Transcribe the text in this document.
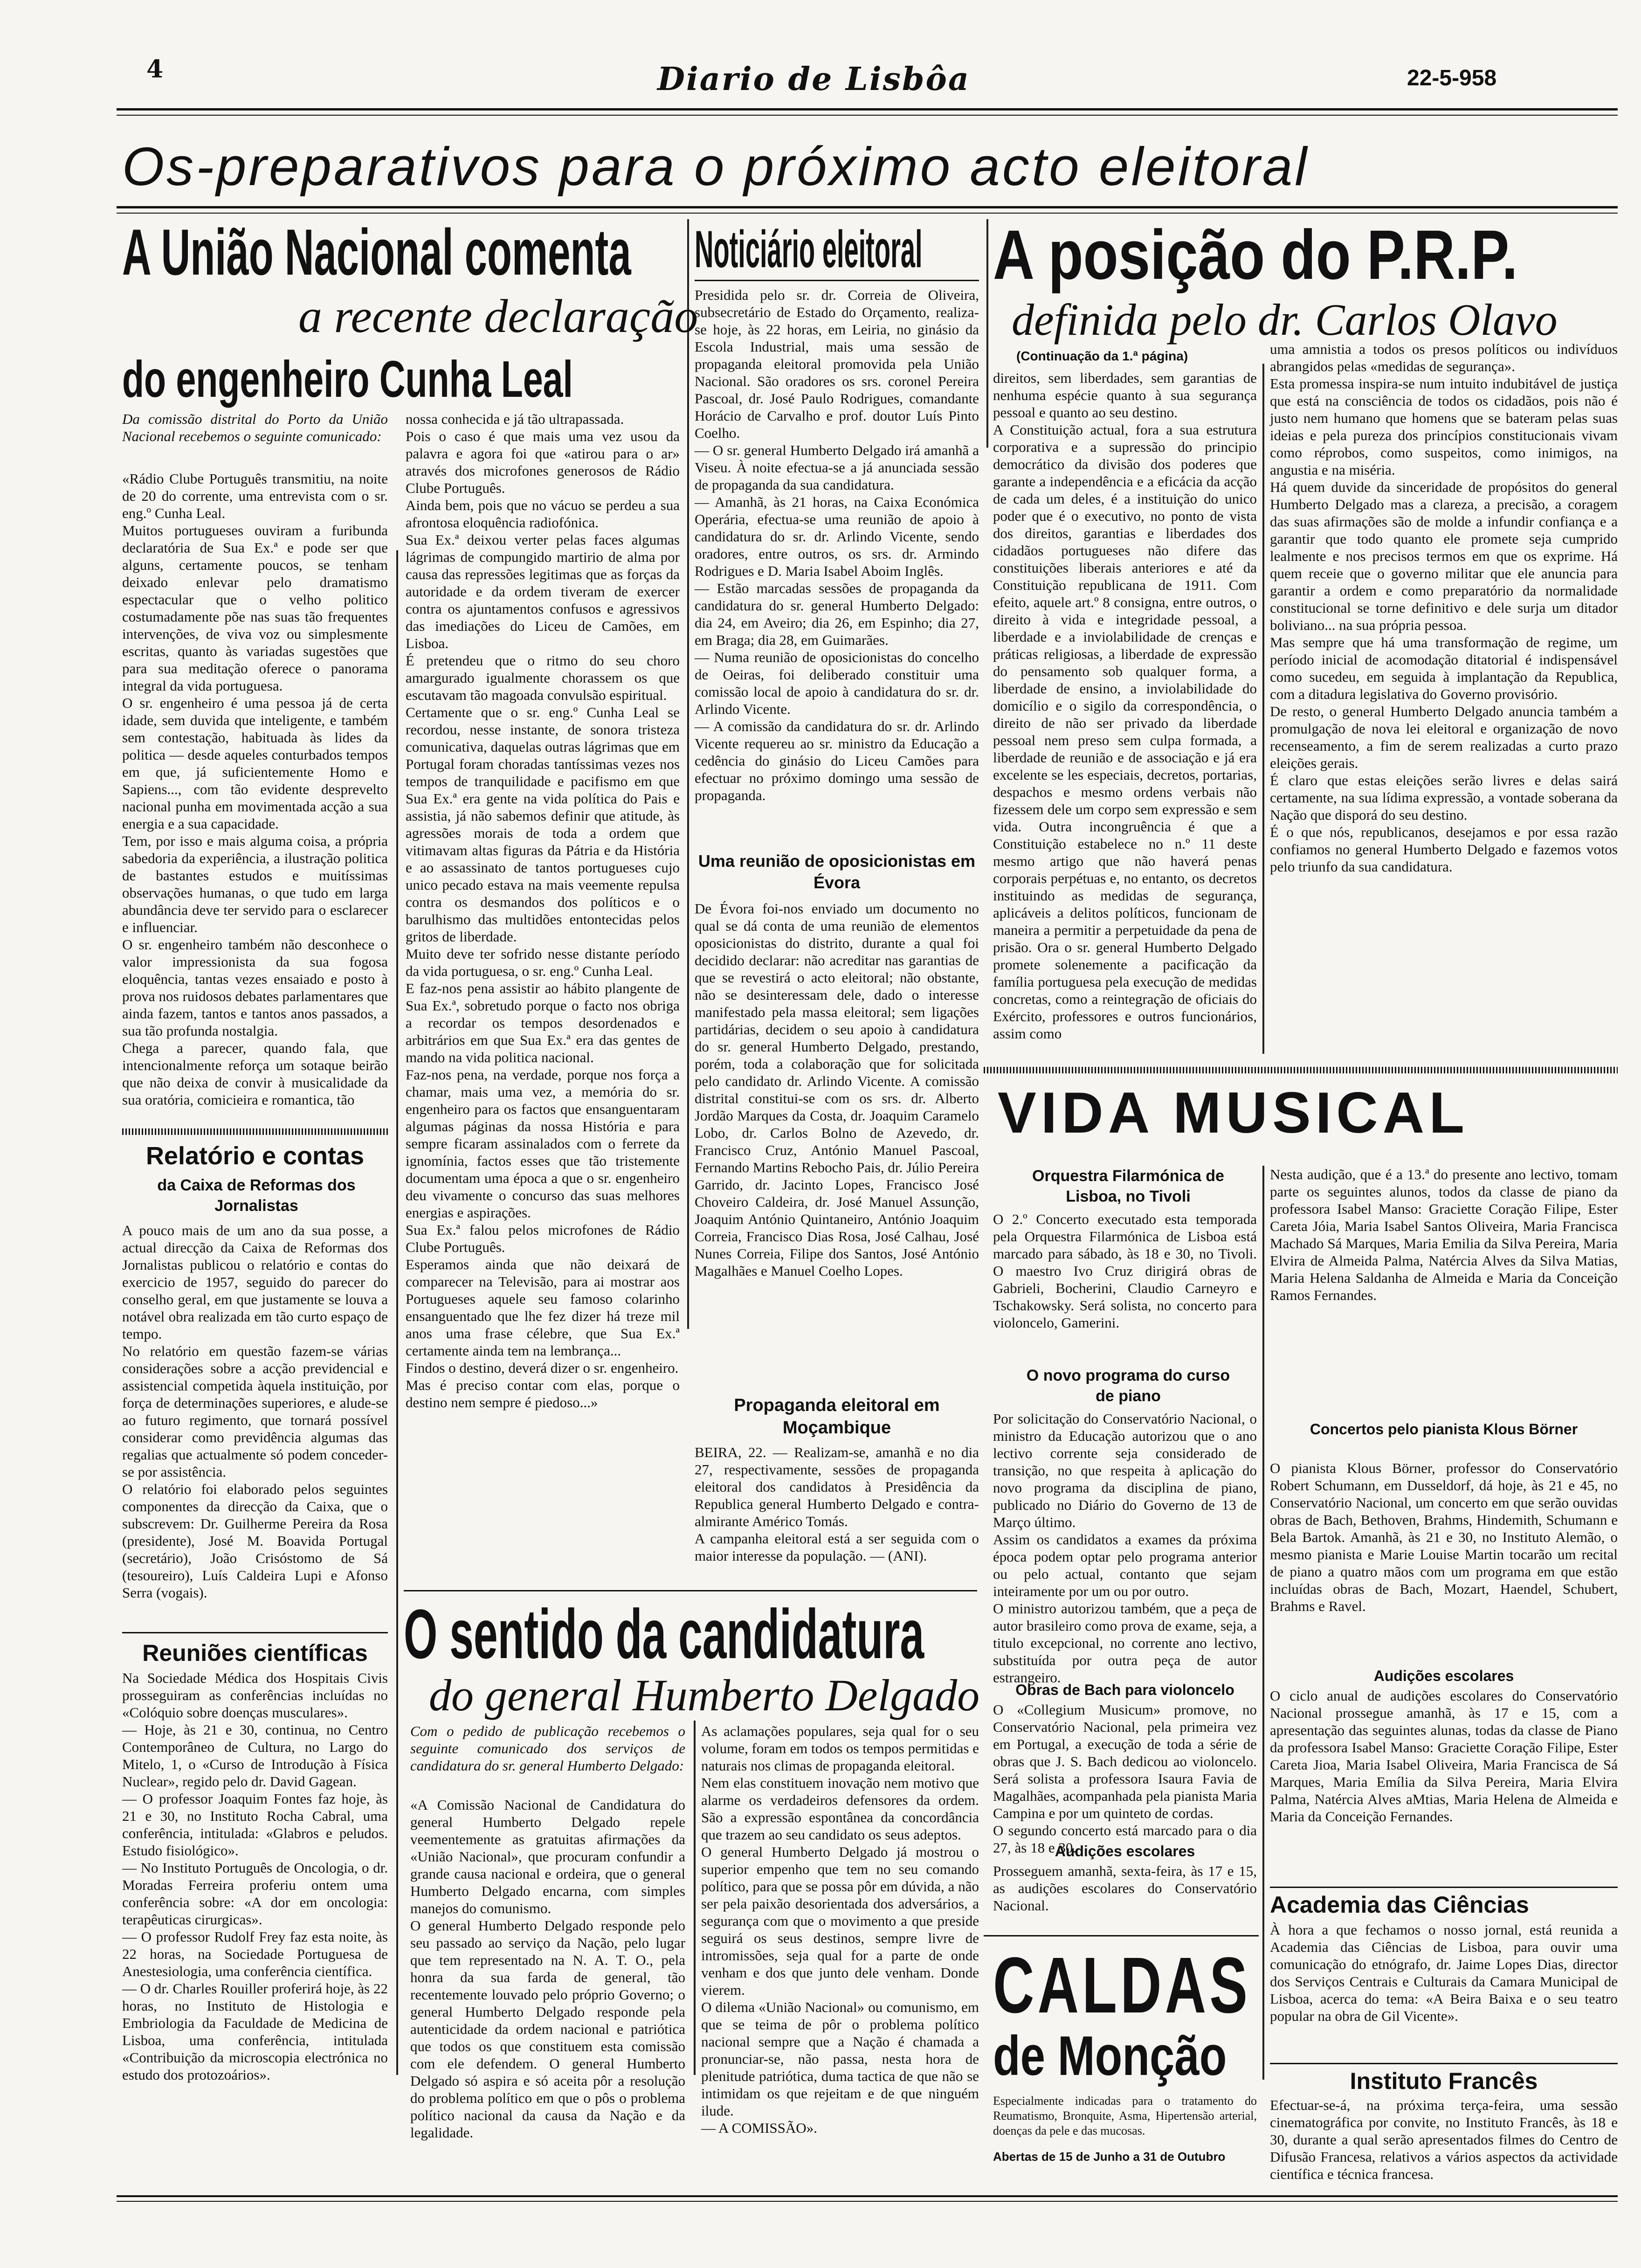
4	Diario de Lisbôa	22-5-958
Os-preparativos para o próximo acto eleitoral
A União Nacional comenta
a recente declaração
do engenheiro Cunha Leal
Da comissão distrital do Porto da União Nacional recebemos o seguinte comunicado:
«Rádio Clube Português transmitiu, na noite de 20 do corrente, uma entrevista com o sr. eng.º Cunha Leal.
Muitos portugueses ouviram a furibunda declaratória de Sua Ex.ª e pode ser que alguns, certamente poucos, se tenham deixado enlevar pelo dramatismo espectacular que o velho politico costumadamente põe nas suas tão frequentes intervenções, de viva voz ou simplesmente escritas, quanto às variadas sugestões que para sua meditação oferece o panorama integral da vida portuguesa.
O sr. engenheiro é uma pessoa já de certa idade, sem duvida que inteligente, e também sem contestação, habituada às lides da politica — desde aqueles conturbados tempos em que, já suficientemente Homo e Sapiens..., com tão evidente desprevelto nacional punha em movimentada acção a sua energia e a sua capacidade.
Tem, por isso e mais alguma coisa, a própria sabedoria da experiência, a ilustração politica de bastantes estudos e muitíssimas observações humanas, o que tudo em larga abundância deve ter servido para o esclarecer e influenciar.
O sr. engenheiro também não desconhece o valor impressionista da sua fogosa eloquência, tantas vezes ensaiado e posto à prova nos ruidosos debates parlamentares que ainda fazem, tantos e tantos anos passados, a sua tão profunda nostalgia.
Chega a parecer, quando fala, que intencionalmente reforça um sotaque beirão que não deixa de convir à musicalidade da sua oratória, comicieira e romantica, tão
nossa conhecida e já tão ultrapassada.
Pois o caso é que mais uma vez usou da palavra e agora foi que «atirou para o ar» através dos microfones generosos de Rádio Clube Português.
Ainda bem, pois que no vácuo se perdeu a sua afrontosa eloquência radiofónica.
Sua Ex.ª deixou verter pelas faces algumas lágrimas de compungido martirio de alma por causa das repressões legitimas que as forças da autoridade e da ordem tiveram de exercer contra os ajuntamentos confusos e agressivos das imediações do Liceu de Camões, em Lisboa.
É pretendeu que o ritmo do seu choro amargurado igualmente chorassem os que escutavam tão magoada convulsão espiritual.
Certamente que o sr. eng.º Cunha Leal se recordou, nesse instante, de sonora tristeza comunicativa, daquelas outras lágrimas que em Portugal foram choradas tantíssimas vezes nos tempos de tranquilidade e pacifismo em que Sua Ex.ª era gente na vida política do Pais e assistia, já não sabemos definir que atitude, às agressões morais de toda a ordem que vitimavam altas figuras da Pátria e da História e ao assassinato de tantos portugueses cujo unico pecado estava na mais veemente repulsa contra os desmandos dos políticos e o barulhismo das multidões entontecidas pelos gritos de liberdade.
Muito deve ter sofrido nesse distante período da vida portuguesa, o sr. eng.º Cunha Leal.
E faz-nos pena assistir ao hábito plangente de Sua Ex.ª, sobretudo porque o facto nos obriga a recordar os tempos desordenados e arbitrários em que Sua Ex.ª era das gentes de mando na vida politica nacional.
Faz-nos pena, na verdade, porque nos força a chamar, mais uma vez, a memória do sr. engenheiro para os factos que ensanguentaram algumas páginas da nossa História e para sempre ficaram assinalados com o ferrete da ignomínia, factos esses que tão tristemente documentam uma época a que o sr. engenheiro deu vivamente o concurso das suas melhores energias e aspirações.
Sua Ex.ª falou pelos microfones de Rádio Clube Português.
Esperamos ainda que não deixará de comparecer na Televisão, para ai mostrar aos Portugueses aquele seu famoso colarinho ensanguentado que lhe fez dizer há treze mil anos uma frase célebre, que Sua Ex.ª certamente ainda tem na lembrança...
Findos o destino, deverá dizer o sr. engenheiro.
Mas é preciso contar com elas, porque o destino nem sempre é piedoso...»
Relatório e contas
da Caixa de Reformas dos Jornalistas
A pouco mais de um ano da sua posse, a actual direcção da Caixa de Reformas dos Jornalistas publicou o relatório e contas do exercicio de 1957, seguido do parecer do conselho geral, em que justamente se louva a notável obra realizada em tão curto espaço de tempo.
No relatório em questão fazem-se várias considerações sobre a acção previdencial e assistencial competida àquela instituição, por força de determinações superiores, e alude-se ao futuro regimento, que tornará possível considerar como previdência algumas das regalias que actualmente só podem conceder-se por assistência.
O relatório foi elaborado pelos seguintes componentes da direcção da Caixa, que o subscrevem: Dr. Guilherme Pereira da Rosa (presidente), José M. Boavida Portugal (secretário), João Crisóstomo de Sá (tesoureiro), Luís Caldeira Lupi e Afonso Serra (vogais).
Reuniões científicas
Na Sociedade Médica dos Hospitais Civis prosseguiram as conferências incluídas no «Colóquio sobre doenças musculares».
— Hoje, às 21 e 30, continua, no Centro Contemporâneo de Cultura, no Largo do Mitelo, 1, o «Curso de Introdução à Física Nuclear», regido pelo dr. David Gagean.
— O professor Joaquim Fontes faz hoje, às 21 e 30, no Instituto Rocha Cabral, uma conferência, intitulada: «Glabros e peludos. Estudo fisiológico».
— No Instituto Português de Oncologia, o dr. Moradas Ferreira proferiu ontem uma conferência sobre: «A dor em oncologia: terapêuticas cirurgicas».
— O professor Rudolf Frey faz esta noite, às 22 horas, na Sociedade Portuguesa de Anestesiologia, uma conferência científica.
— O dr. Charles Rouiller proferirá hoje, às 22 horas, no Instituto de Histologia e Embriologia da Faculdade de Medicina de Lisboa, uma conferência, intitulada «Contribuição da microscopia electrónica no estudo dos protozoários».
Noticiário eleitoral
Presidida pelo sr. dr. Correia de Oliveira, subsecretário de Estado do Orçamento, realiza-se hoje, às 22 horas, em Leiria, no ginásio da Escola Industrial, mais uma sessão de propaganda eleitoral promovida pela União Nacional. São oradores os srs. coronel Pereira Pascoal, dr. José Paulo Rodrigues, comandante Horácio de Carvalho e prof. doutor Luís Pinto Coelho.
— O sr. general Humberto Delgado irá amanhã a Viseu. À noite efectua-se a já anunciada sessão de propaganda da sua candidatura.
— Amanhã, às 21 horas, na Caixa Económica Operária, efectua-se uma reunião de apoio à candidatura do sr. dr. Arlindo Vicente, sendo oradores, entre outros, os srs. dr. Armindo Rodrigues e D. Maria Isabel Aboim Inglês.
— Estão marcadas sessões de propaganda da candidatura do sr. general Humberto Delgado: dia 24, em Aveiro; dia 26, em Espinho; dia 27, em Braga; dia 28, em Guimarães.
— Numa reunião de oposicionistas do concelho de Oeiras, foi deliberado constituir uma comissão local de apoio à candidatura do sr. dr. Arlindo Vicente.
— A comissão da candidatura do sr. dr. Arlindo Vicente requereu ao sr. ministro da Educação a cedência do ginásio do Liceu Camões para efectuar no próximo domingo uma sessão de propaganda.
Uma reunião de oposicionistas em Évora
De Évora foi-nos enviado um documento no qual se dá conta de uma reunião de elementos oposicionistas do distrito, durante a qual foi decidido declarar: não acreditar nas garantias de que se revestirá o acto eleitoral; não obstante, não se desinteressam dele, dado o interesse manifestado pela massa eleitoral; sem ligações partidárias, decidem o seu apoio à candidatura do sr. general Humberto Delgado, prestando, porém, toda a colaboração que for solicitada pelo candidato dr. Arlindo Vicente. A comissão distrital constitui-se com os srs. dr. Alberto Jordão Marques da Costa, dr. Joaquim Caramelo Lobo, dr. Carlos Bolno de Azevedo, dr. Francisco Cruz, António Manuel Pascoal, Fernando Martins Rebocho Pais, dr. Júlio Pereira Garrido, dr. Jacinto Lopes, Francisco José Choveiro Caldeira, dr. José Manuel Assunção, Joaquim António Quintaneiro, António Joaquim Correia, Francisco Dias Rosa, José Calhau, José Nunes Correia, Filipe dos Santos, José António Magalhães e Manuel Coelho Lopes.
Propaganda eleitoral em Moçambique
BEIRA, 22. — Realizam-se, amanhã e no dia 27, respectivamente, sessões de propaganda eleitoral dos candidatos à Presidência da Republica general Humberto Delgado e contra-almirante Américo Tomás.
A campanha eleitoral está a ser seguida com o maior interesse da população. — (ANI).
A posição do P.R.P.
definida pelo dr. Carlos Olavo
(Continuação da 1.ª página)
direitos, sem liberdades, sem garantias de nenhuma espécie quanto à sua segurança pessoal e quanto ao seu destino.
A Constituição actual, fora a sua estrutura corporativa e a supressão do principio democrático da divisão dos poderes que garante a independência e a eficácia da acção de cada um deles, é a instituição do unico poder que é o executivo, no ponto de vista dos direitos, garantias e liberdades dos cidadãos portugueses não difere das constituições liberais anteriores e até da Constituição republicana de 1911. Com efeito, aquele art.º 8 consigna, entre outros, o direito à vida e integridade pessoal, a liberdade e a inviolabilidade de crenças e práticas religiosas, a liberdade de expressão do pensamento sob qualquer forma, a liberdade de ensino, a inviolabilidade do domicílio e o sigilo da correspondência, o direito de não ser privado da liberdade pessoal nem preso sem culpa formada, a liberdade de reunião e de associação e já era excelente se les especiais, decretos, portarias, despachos e mesmo ordens verbais não fizessem dele um corpo sem expressão e sem vida. Outra incongruência é que a Constituição estabelece no n.º 11 deste mesmo artigo que não haverá penas corporais perpétuas e, no entanto, os decretos instituindo as medidas de segurança, aplicáveis a delitos políticos, funcionam de maneira a permitir a perpetuidade da pena de prisão. Ora o sr. general Humberto Delgado promete solenemente a pacificação da família portuguesa pela execução de medidas concretas, como a reintegração de oficiais do Exército, professores e outros funcionários, assim como
uma amnistia a todos os presos políticos ou indivíduos abrangidos pelas «medidas de segurança».
Esta promessa inspira-se num intuito indubitável de justiça que está na consciência de todos os cidadãos, pois não é justo nem humano que homens que se bateram pelas suas ideias e pela pureza dos princípios constitucionais vivam como réprobos, como suspeitos, como inimigos, na angustia e na miséria.
Há quem duvide da sinceridade de propósitos do general Humberto Delgado mas a clareza, a precisão, a coragem das suas afirmações são de molde a infundir confiança e a garantir que todo quanto ele promete seja cumprido lealmente e nos precisos termos em que os exprime. Há quem receie que o governo militar que ele anuncia para garantir a ordem e como preparatório da normalidade constitucional se torne definitivo e dele surja um ditador boliviano... na sua própria pessoa.
Mas sempre que há uma transformação de regime, um período inicial de acomodação ditatorial é indispensável como sucedeu, em seguida à implantação da Republica, com a ditadura legislativa do Governo provisório.
De resto, o general Humberto Delgado anuncia também a promulgação de nova lei eleitoral e organização de novo recenseamento, a fim de serem realizadas a curto prazo eleições gerais.
É claro que estas eleições serão livres e delas sairá certamente, na sua lídima expressão, a vontade soberana da Nação que disporá do seu destino.
É o que nós, republicanos, desejamos e por essa razão confiamos no general Humberto Delgado e fazemos votos pelo triunfo da sua candidatura.
VIDA MUSICAL
Orquestra Filarmónica de Lisboa, no Tivoli
O 2.º Concerto executado esta temporada pela Orquestra Filarmónica de Lisboa está marcado para sábado, às 18 e 30, no Tivoli. O maestro Ivo Cruz dirigirá obras de Gabrieli, Bocherini, Claudio Carneyro e Tschakowsky. Será solista, no concerto para violoncelo, Gamerini.
O novo programa do curso de piano
Por solicitação do Conservatório Nacional, o ministro da Educação autorizou que o ano lectivo corrente seja considerado de transição, no que respeita à aplicação do novo programa da disciplina de piano, publicado no Diário do Governo de 13 de Março último.
Assim os candidatos a exames da próxima época podem optar pelo programa anterior ou pelo actual, contanto que sejam inteiramente por um ou por outro.
O ministro autorizou também, que a peça de autor brasileiro como prova de exame, seja, a titulo excepcional, no corrente ano lectivo, substituída por outra peça de autor estrangeiro.
Obras de Bach para violoncelo
O «Collegium Musicum» promove, no Conservatório Nacional, pela primeira vez em Portugal, a execução de toda a série de obras que J. S. Bach dedicou ao violoncelo. Será solista a professora Isaura Favia de Magalhães, acompanhada pela pianista Maria Campina e por um quinteto de cordas.
O segundo concerto está marcado para o dia 27, às 18 e 30.
Audições escolares
Prosseguem amanhã, sexta-feira, às 17 e 15, as audições escolares do Conservatório Nacional.
Nesta audição, que é a 13.ª do presente ano lectivo, tomam parte os seguintes alunos, todos da classe de piano da professora Isabel Manso: Graciette Coração Filipe, Ester Careta Jóia, Maria Isabel Santos Oliveira, Maria Francisca Machado Sá Marques, Maria Emilia da Silva Pereira, Maria Elvira de Almeida Palma, Natércia Alves da Silva Matias, Maria Helena Saldanha de Almeida e Maria da Conceição Ramos Fernandes.
Concertos pelo pianista Klous Börner
O pianista Klous Börner, professor do Conservatório Robert Schumann, em Dusseldorf, dá hoje, às 21 e 45, no Conservatório Nacional, um concerto em que serão ouvidas obras de Bach, Bethoven, Brahms, Hindemith, Schumann e Bela Bartok. Amanhã, às 21 e 30, no Instituto Alemão, o mesmo pianista e Marie Louise Martin tocarão um recital de piano a quatro mãos com um programa em que estão incluídas obras de Bach, Mozart, Haendel, Schubert, Brahms e Ravel.
Audições escolares
O ciclo anual de audições escolares do Conservatório Nacional prossegue amanhã, às 17 e 15, com a apresentação das seguintes alunas, todas da classe de Piano da professora Isabel Manso: Graciette Coração Filipe, Ester Careta Jioa, Maria Isabel Oliveira, Maria Francisca de Sá Marques, Maria Emília da Silva Pereira, Maria Elvira Palma, Natércia Alves aMtias, Maria Helena de Almeida e Maria da Conceição Fernandes.
O sentido da candidatura
do general Humberto Delgado
Com o pedido de publicação recebemos o seguinte comunicado dos serviços de candidatura do sr. general Humberto Delgado:
«A Comissão Nacional de Candidatura do general Humberto Delgado repele veementemente as gratuitas afirmações da «União Nacional», que procuram confundir a grande causa nacional e ordeira, que o general Humberto Delgado encarna, com simples manejos do comunismo.
O general Humberto Delgado responde pelo seu passado ao serviço da Nação, pelo lugar que tem representado na N. A. T. O., pela honra da sua farda de general, tão recentemente louvado pelo próprio Governo; o general Humberto Delgado responde pela autenticidade da ordem nacional e patriótica que todos os que constituem esta comissão com ele defendem. O general Humberto Delgado só aspira e só aceita pôr a resolução do problema político em que o pôs o problema político nacional da causa da Nação e da legalidade.
As aclamações populares, seja qual for o seu volume, foram em todos os tempos permitidas e naturais nos climas de propaganda eleitoral.
Nem elas constituem inovação nem motivo que alarme os verdadeiros defensores da ordem. São a expressão espontânea da concordância que trazem ao seu candidato os seus adeptos.
O general Humberto Delgado já mostrou o superior empenho que tem no seu comando político, para que se possa pôr em dúvida, a não ser pela paixão desorientada dos adversários, a segurança com que o movimento a que preside seguirá os seus destinos, sempre livre de intromissões, seja qual for a parte de onde venham e dos que junto dele venham. Donde vierem.
O dilema «União Nacional» ou comunismo, em que se teima de pôr o problema político nacional sempre que a Nação é chamada a pronunciar-se, não passa, nesta hora de plenitude patriótica, duma tactica de que não se intimidam os que rejeitam e de que ninguém ilude.
— A COMISSÃO».
CALDAS
de Monção
Especialmente indicadas para o tratamento do Reumatismo, Bronquite, Asma, Hipertensão arterial, doenças da pele e das mucosas.
Abertas de 15 de Junho a 31 de Outubro
Academia das Ciências
À hora a que fechamos o nosso jornal, está reunida a Academia das Ciências de Lisboa, para ouvir uma comunicação do etnógrafo, dr. Jaime Lopes Dias, director dos Serviços Centrais e Culturais da Camara Municipal de Lisboa, acerca do tema: «A Beira Baixa e o seu teatro popular na obra de Gil Vicente».
Instituto Francês
Efectuar-se-á, na próxima terça-feira, uma sessão cinematográfica por convite, no Instituto Francês, às 18 e 30, durante a qual serão apresentados filmes do Centro de Difusão Francesa, relativos a vários aspectos da actividade científica e técnica francesa.
